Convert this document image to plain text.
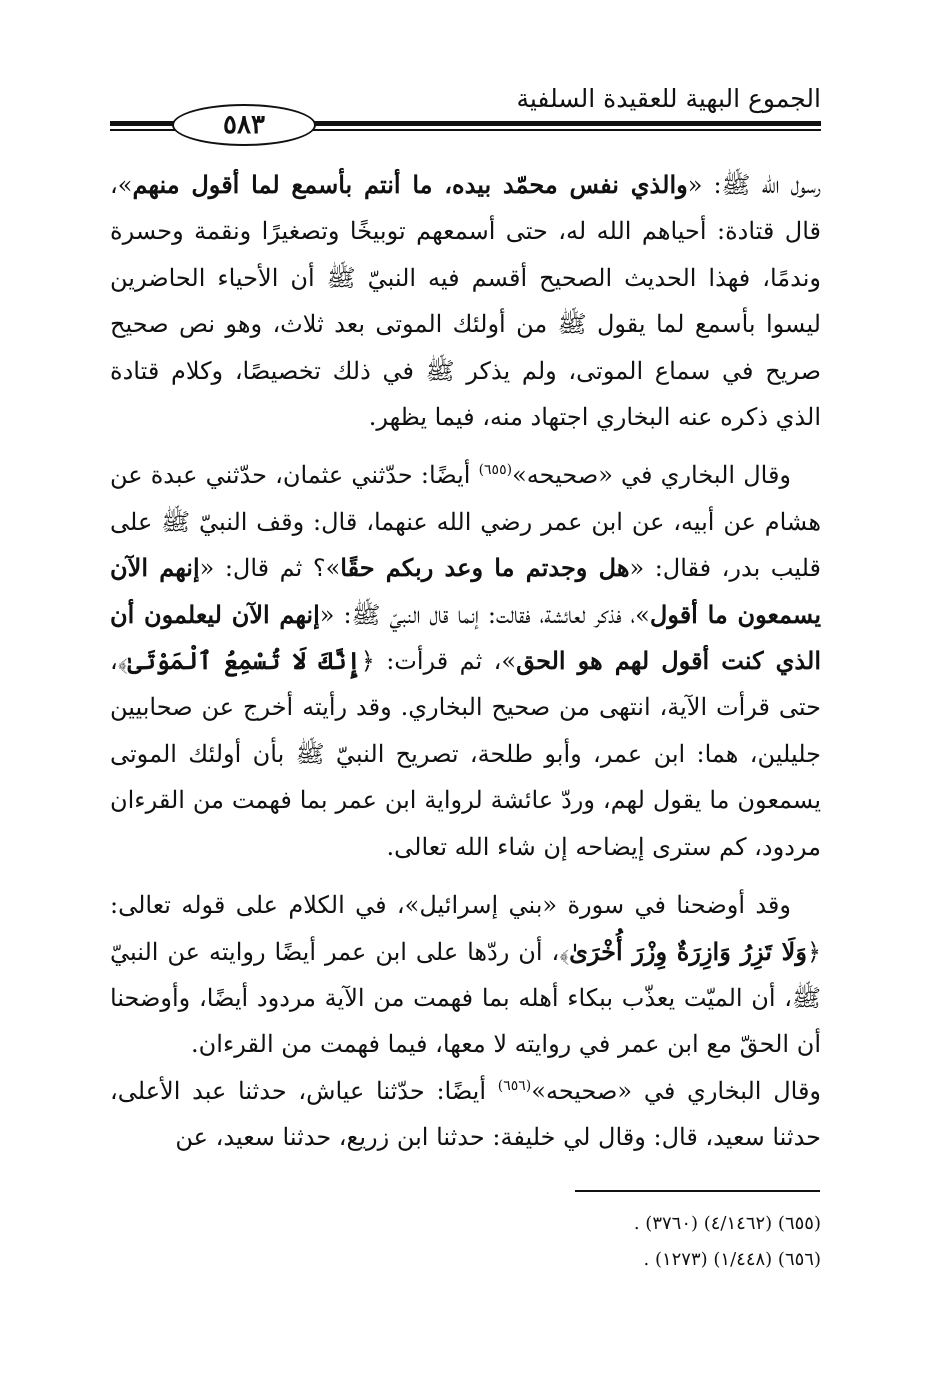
الجموع البهية للعقيدة السلفية
٥٨٣

رسول الله ﷺ: «والذي نفس محمّد بيده، ما أنتم بأسمع لما أقول منهم»، قال قتادة: أحياهم الله له، حتى أسمعهم توبيخًا وتصغيرًا ونقمة وحسرة وندمًا، فهذا الحديث الصحيح أقسم فيه النبيّ ﷺ أن الأحياء الحاضرين ليسوا بأسمع لما يقول ﷺ من أولئك الموتى بعد ثلاث، وهو نص صحيح صريح في سماع الموتى، ولم يذكر ﷺ في ذلك تخصيصًا، وكلام قتادة الذي ذكره عنه البخاري اجتهاد منه، فيما يظهر.

وقال البخاري في «صحيحه»$^{(٦٥٥)}$ أيضًا: حدّثني عثمان، حدّثني عبدة عن هشام عن أبيه، عن ابن عمر رضي الله عنهما، قال: وقف النبيّ ﷺ على قليب بدر، فقال: «هل وجدتم ما وعد ربكم حقًا»؟ ثم قال: «إنهم الآن يسمعون ما أقول»، فذكر لعائشة، فقالت: إنما قال النبيّ ﷺ: «إنهم الآن ليعلمون أن الذي كنت أقول لهم هو الحق»، ثم قرأت: ﴿إِنَّكَ لَا تُسْمِعُ ٱلْمَوْتَىٰ﴾، حتى قرأت الآية، انتهى من صحيح البخاري. وقد رأيته أخرج عن صحابيين جليلين، هما: ابن عمر، وأبو طلحة، تصريح النبيّ ﷺ بأن أولئك الموتى يسمعون ما يقول لهم، وردّ عائشة لرواية ابن عمر بما فهمت من القرءان مردود، كم سترى إيضاحه إن شاء الله تعالى.

وقد أوضحنا في سورة «بني إسرائيل»، في الكلام على قوله تعالى: ﴿وَلَا تَزِرُ وَازِرَةٌ وِزْرَ أُخْرَىٰ﴾، أن ردّها على ابن عمر أيضًا روايته عن النبيّ ﷺ، أن الميّت يعذّب ببكاء أهله بما فهمت من الآية مردود أيضًا، وأوضحنا أن الحقّ مع ابن عمر في روايته لا معها، فيما فهمت من القرءان.

وقال البخاري في «صحيحه»$^{(٦٥٦)}$ أيضًا: حدّثنا عياش، حدثنا عبد الأعلى، حدثنا سعيد، قال: وقال لي خليفة: حدثنا ابن زريع، حدثنا سعيد، عن

(٦٥٥) (٤/١٤٦٢) (٣٧٦٠) .

(٦٥٦) (١/٤٤٨) (١٢٧٣) .
